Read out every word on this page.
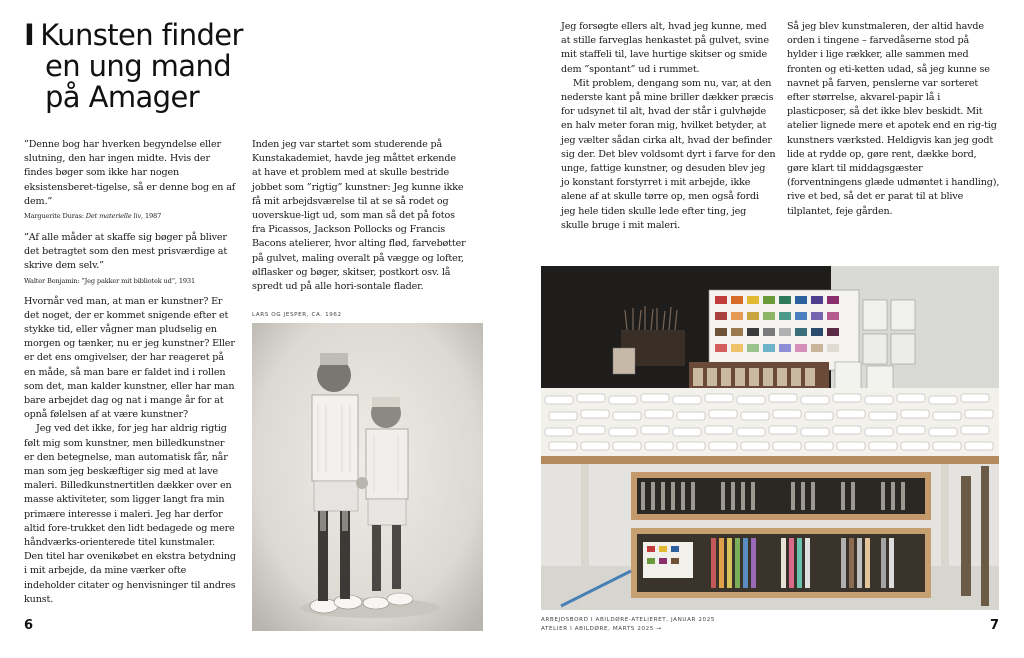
I Kunsten finder
en ung mand
på Amager

”Denne bog har hverken begyndelse eller slutning, den har ingen midte. Hvis der findes bøger som ikke har nogen eksistensberet-tigelse, så er denne bog en af dem.”

Marguerite Duras: Det materielle liv, 1987

”Af alle måder at skaffe sig bøger på bliver det betragtet som den mest prisværdige at skrive dem selv.”

Walter Benjamin: ”Jeg pakker mit bibliotek ud”, 1931

Hvornår ved man, at man er kunstner? Er det noget, der er kommet snigende efter et stykke tid, eller vågner man pludselig en morgen og tænker, nu er jeg kunstner? Eller er det ens omgivelser, der har reageret på en måde, så man bare er faldet ind i rollen som det, man kalder kunstner, eller har man bare arbejdet dag og nat i mange år for at opnå følelsen af at være kunstner?

Jeg ved det ikke, for jeg har aldrig rigtig følt mig som kunstner, men billedkunstner er den betegnelse, man automatisk får, når man som jeg beskæftiger sig med at lave maleri. Billedkunstnertitlen dækker over en masse aktiviteter, som ligger langt fra min primære interesse i maleri. Jeg har derfor altid fore-trukket den lidt bedagede og mere håndværks-orienterede titel kunstmaler. Den titel har ovenikøbet en ekstra betydning i mit arbejde, da mine værker ofte indeholder citater og henvisninger til andres kunst.

Inden jeg var startet som studerende på Kunstakademiet, havde jeg måttet erkende at have et problem med at skulle bestride jobbet som ”rigtig” kunstner: Jeg kunne ikke få mit arbejdsværelse til at se så rodet og uoverskue-ligt ud, som man så det på fotos fra Picassos, Jackson Pollocks og Francis Bacons atelierer, hvor alting flød, farvebøtter på gulvet, maling overalt på vægge og lofter, ølflasker og bøger, skitser, postkort osv. lå spredt ud på alle hori-sontale flader.

LARS OG JESPER, CA. 1962

Jeg forsøgte ellers alt, hvad jeg kunne, med at stille farveglas henkastet på gulvet, svine mit staffeli til, lave hurtige skitser og smide dem ”spontant” ud i rummet.

Mit problem, dengang som nu, var, at den nederste kant på mine briller dækker præcis for udsynet til alt, hvad der står i gulvhøjde en halv meter foran mig, hvilket betyder, at jeg vælter sådan cirka alt, hvad der befinder sig der. Det blev voldsomt dyrt i farve for den unge, fattige kunstner, og desuden blev jeg jo konstant forstyrret i mit arbejde, ikke alene af at skulle tørre op, men også fordi jeg hele tiden skulle lede efter ting, jeg skulle bruge i mit maleri.

Så jeg blev kunstmaleren, der altid havde orden i tingene – farvedåserne stod på hylder i lige rækker, alle sammen med fronten og eti-ketten udad, så jeg kunne se navnet på farven, penslerne var sorteret efter størrelse, akvarel-papir lå i plasticposer, så det ikke blev beskidt. Mit atelier lignede mere et apotek end en rig-tig kunstners værksted. Heldigvis kan jeg godt lide at rydde op, gøre rent, dække bord, gøre klart til middagsgæster (forventningens glæde udmøntet i handling), rive et bed, så det er parat til at blive tilplantet, feje gården.

ARBEJDSBORD I ABILDØRE-ATELIERET, JANUAR 2025
ATELIER I ABILDØRE, MARTS 2025 →
6	7
